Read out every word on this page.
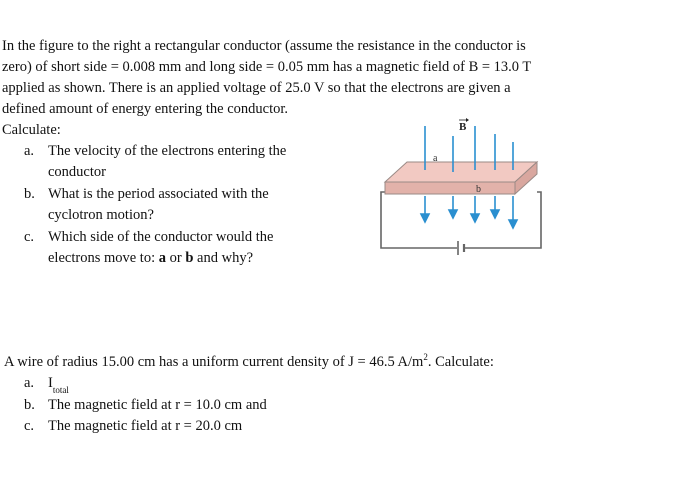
In the figure to the right a rectangular conductor (assume the resistance in the conductor is
zero) of short side = 0.008 mm and long side = 0.05 mm has a magnetic field of B = 13.0 T
applied as shown. There is an applied voltage of 25.0 V so that the electrons are given a
defined amount of energy entering the conductor.
Calculate:
a. The velocity of the electrons entering the
conductor
b. What is the period associated with the
cyclotron motion?
c. Which side of the conductor would the
electrons move to: a or b and why?
B
a
b
A wire of radius 15.00 cm has a uniform current density of J = 46.5 $A/m^2$. Calculate:
a. $I_{total}$
b. The magnetic field at r = 10.0 cm and
c. The magnetic field at r = 20.0 cm
